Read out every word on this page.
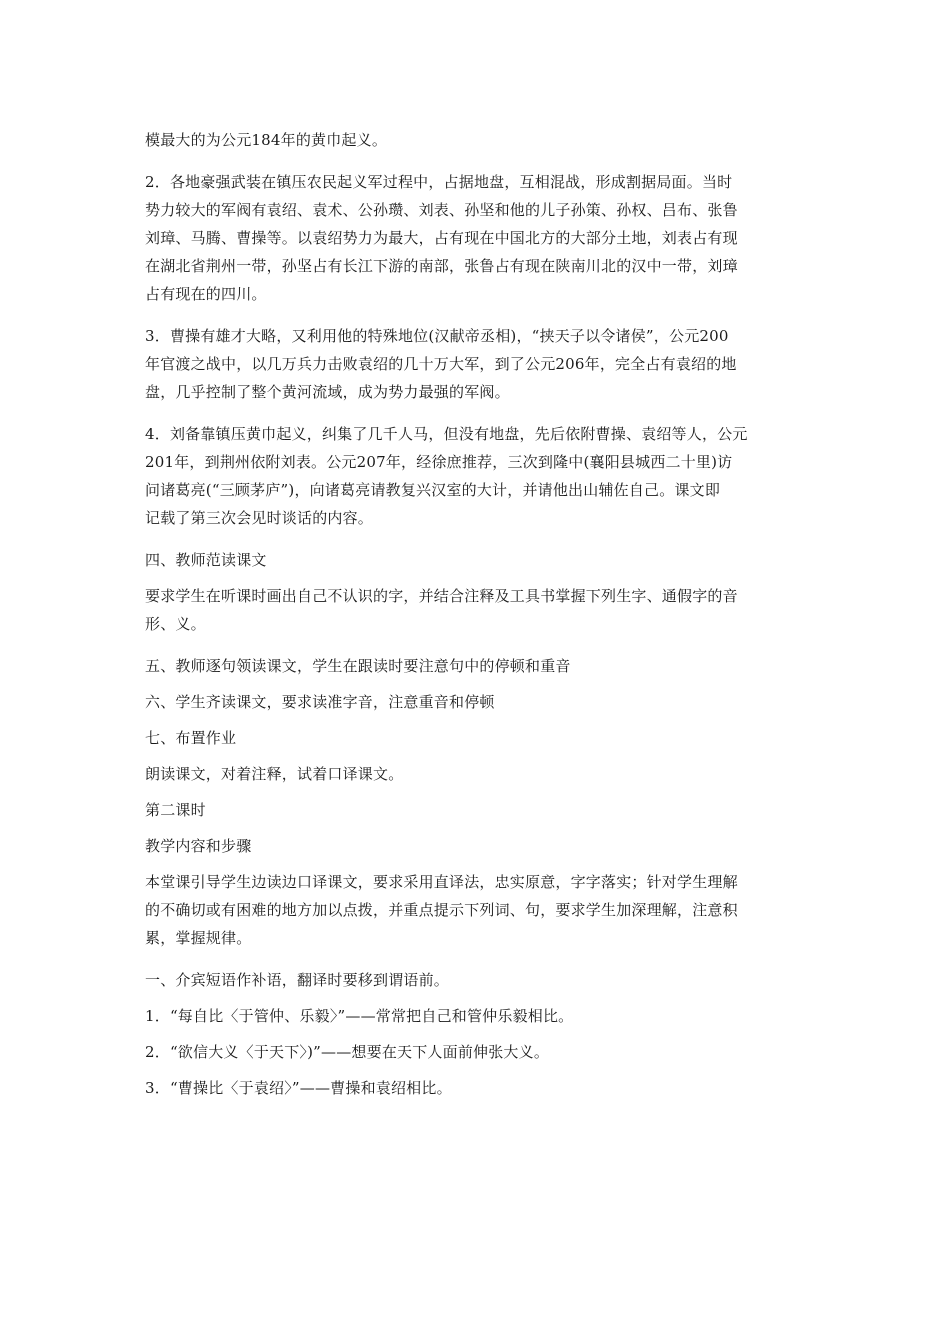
模最大的为公元184年的黄巾起义。
2．各地豪强武装在镇压农民起义军过程中，占据地盘，互相混战，形成割据局面。当时
势力较大的军阀有袁绍、袁术、公孙瓒、刘表、孙坚和他的儿子孙策、孙权、吕布、张鲁
刘璋、马腾、曹操等。以袁绍势力为最大，占有现在中国北方的大部分土地，刘表占有现
在湖北省荆州一带，孙坚占有长江下游的南部，张鲁占有现在陕南川北的汉中一带，刘璋
占有现在的四川。
3．曹操有雄才大略，又利用他的特殊地位(汉献帝丞相)，“挟天子以令诸侯”，公元200
年官渡之战中，以几万兵力击败袁绍的几十万大军，到了公元206年，完全占有袁绍的地
盘，几乎控制了整个黄河流域，成为势力最强的军阀。
4．刘备靠镇压黄巾起义，纠集了几千人马，但没有地盘，先后依附曹操、袁绍等人，公元
201年，到荆州依附刘表。公元207年，经徐庶推荐，三次到隆中(襄阳县城西二十里)访
问诸葛亮(“三顾茅庐”)，向诸葛亮请教复兴汉室的大计，并请他出山辅佐自己。课文即
记载了第三次会见时谈话的内容。
四、教师范读课文
要求学生在听课时画出自己不认识的字，并结合注释及工具书掌握下列生字、通假字的音
形、义。
五、教师逐句领读课文，学生在跟读时要注意句中的停顿和重音
六、学生齐读课文，要求读准字音，注意重音和停顿
七、布置作业
朗读课文，对着注释，试着口译课文。
第二课时
教学内容和步骤
本堂课引导学生边读边口译课文，要求采用直译法，忠实原意，字字落实；针对学生理解
的不确切或有困难的地方加以点拨，并重点提示下列词、句，要求学生加深理解，注意积
累，掌握规律。
一、介宾短语作补语，翻译时要移到谓语前。
1．“每自比〈于管仲、乐毅〉”——常常把自己和管仲乐毅相比。
2．“欲信大义〈于天下〉)”——想要在天下人面前伸张大义。
3．“曹操比〈于袁绍〉”——曹操和袁绍相比。
